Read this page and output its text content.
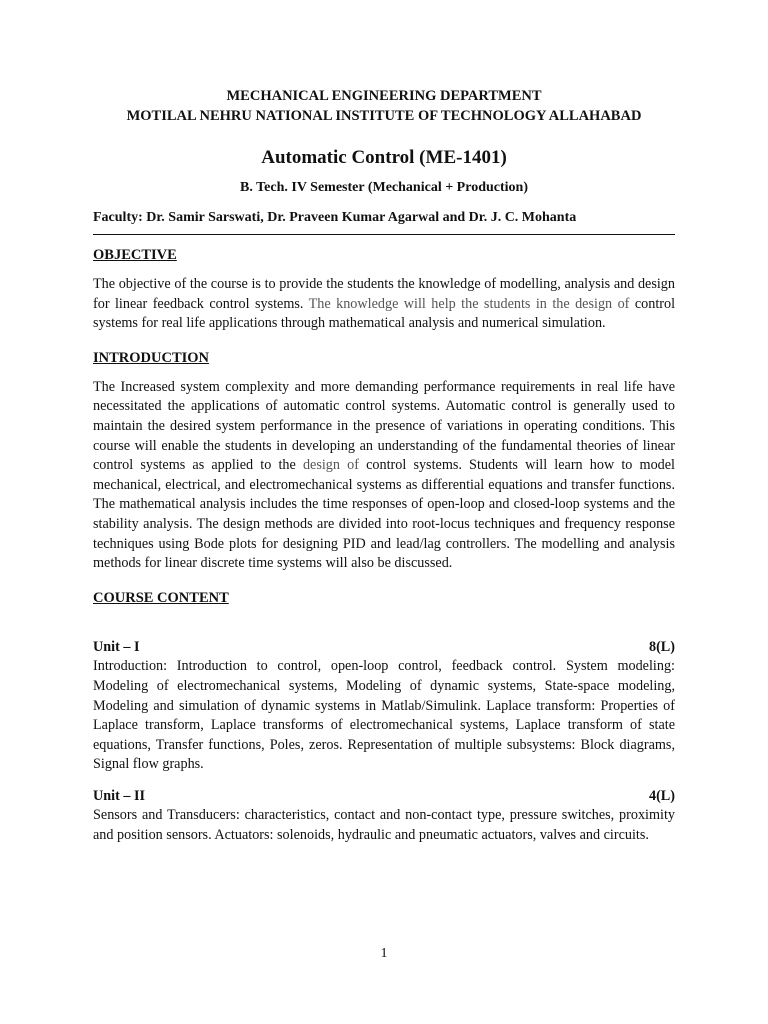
MECHANICAL ENGINEERING DEPARTMENT
MOTILAL NEHRU NATIONAL INSTITUTE OF TECHNOLOGY ALLAHABAD
Automatic Control (ME-1401)
B. Tech. IV Semester (Mechanical + Production)
Faculty: Dr. Samir Sarswati, Dr. Praveen Kumar Agarwal and Dr. J. C. Mohanta
OBJECTIVE
The objective of the course is to provide the students the knowledge of modelling, analysis and design for linear feedback control systems. The knowledge will help the students in the design of control systems for real life applications through mathematical analysis and numerical simulation.
INTRODUCTION
The Increased system complexity and more demanding performance requirements in real life have necessitated the applications of automatic control systems. Automatic control is generally used to maintain the desired system performance in the presence of variations in operating conditions. This course will enable the students in developing an understanding of the fundamental theories of linear control systems as applied to the design of control systems. Students will learn how to model mechanical, electrical, and electromechanical systems as differential equations and transfer functions. The mathematical analysis includes the time responses of open-loop and closed-loop systems and the stability analysis. The design methods are divided into root-locus techniques and frequency response techniques using Bode plots for designing PID and lead/lag controllers. The modelling and analysis methods for linear discrete time systems will also be discussed.
COURSE CONTENT
Unit – I	8(L)
Introduction: Introduction to control, open-loop control, feedback control. System modeling: Modeling of electromechanical systems, Modeling of dynamic systems, State-space modeling, Modeling and simulation of dynamic systems in Matlab/Simulink. Laplace transform: Properties of Laplace transform, Laplace transforms of electromechanical systems, Laplace transform of state equations, Transfer functions, Poles, zeros. Representation of multiple subsystems: Block diagrams, Signal flow graphs.
Unit – II	4(L)
Sensors and Transducers: characteristics, contact and non-contact type, pressure switches, proximity and position sensors. Actuators: solenoids, hydraulic and pneumatic actuators, valves and circuits.
1
